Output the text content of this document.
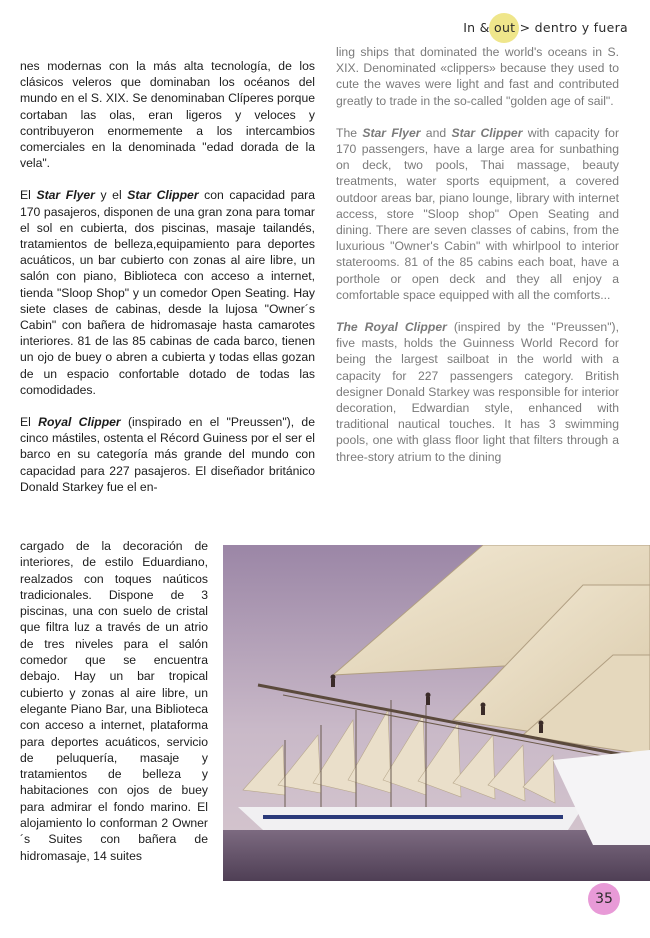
In & out > dentro y fuera

nes modernas con la más alta tecnología, de los clásicos veleros que dominaban los océanos del mundo en el S. XIX. Se denominaban Clíperes porque cortaban las olas, eran ligeros y veloces y contribuyeron enormemente a los intercambios comerciales en la denominada "edad dorada de la vela".

El Star Flyer y el Star Clipper con capacidad para 170 pasajeros, disponen de una gran zona para tomar el sol en cubierta, dos piscinas, masaje tailandés, tratamientos de belleza,equipamiento para deportes acuáticos, un bar cubierto con zonas al aire libre, un salón con piano, Biblioteca con acceso a internet, tienda "Sloop Shop" y un comedor Open Seating. Hay siete clases de cabinas, desde la lujosa "Owner´s Cabin" con bañera de hidromasaje hasta camarotes interiores. 81 de las 85 cabinas de cada barco, tienen un ojo de buey o abren a cubierta y todas ellas gozan de un espacio confortable dotado de todas las comodidades.

El Royal Clipper (inspirado en el "Preussen"), de cinco mástiles, ostenta el Récord Guiness por el ser el barco en su categoría más grande del mundo con capacidad para 227 pasajeros. El diseñador británico Donald Starkey fue el en-

ling ships that dominated the world's oceans in S. XIX. Denominated «clippers» because they used to cute the waves were light and fast and contributed greatly to trade in the so-called "golden age of sail".

The Star Flyer and Star Clipper with capacity for 170 passengers, have a large area for sunbathing on deck, two pools, Thai massage, beauty treatments, water sports equipment, a covered outdoor areas bar, piano lounge, library with internet access, store "Sloop shop" Open Seating and dining. There are seven classes of cabins, from the luxurious "Owner's Cabin" with whirlpool to interior staterooms. 81 of the 85 cabins each boat, have a porthole or open deck and they all enjoy a comfortable space equipped with all the comforts...

The Royal Clipper (inspired by the "Preussen"), five masts, holds the Guinness World Record for being the largest sailboat in the world with a capacity for 227 passengers category. British designer Donald Starkey was responsible for interior decoration, Edwardian style, enhanced with traditional nautical touches. It has 3 swimming pools, one with glass floor light that filters through a three-story atrium to the dining

cargado de la decoración de interiores, de estilo Eduardiano, realzados con toques naúticos tradicionales. Dispone de 3 piscinas, una con suelo de cristal que filtra luz a través de un atrio de tres niveles para el salón comedor que se encuentra debajo. Hay un bar tropical cubierto y zonas al aire libre, un elegante Piano Bar, una Biblioteca con acceso a internet, plataforma para deportes acuáticos, servicio de peluquería, masaje y tratamientos de belleza y habitaciones con ojos de buey para admirar el fondo marino. El alojamiento lo conforman 2 Owner´s Suites con bañera de hidromasaje, 14 suites

35
